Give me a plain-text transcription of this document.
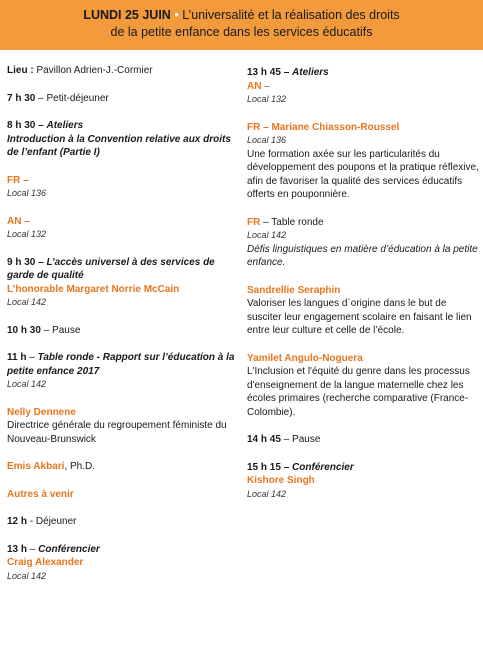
LUNDI 25 JUIN • L’universalité et la réalisation des droits
de la petite enfance dans les services éducatifs
Lieu : Pavillon Adrien-J.-Cormier
7 h 30 – Petit-déjeuner
8 h 30 – Ateliers
Introduction à la Convention relative aux droits de l’enfant (Partie I)
FR –
Local 136
AN –
Local 132
9 h 30 – L’accès universel à des services de garde de qualité
L’honorable Margaret Norrie McCain
Local 142
10 h 30 – Pause
11 h – Table ronde - Rapport sur l’éducation à la petite enfance 2017
Local 142
Nelly Dennene
Directrice générale du regroupement féministe du Nouveau-Brunswick
Emis Akbari, Ph.D.
Autres à venir
12 h - Déjeuner
13 h – Conférencier
Craig Alexander
Local 142
13 h 45 – Ateliers
AN –
Local 132
FR – Mariane Chiasson-Roussel
Local 136
Une formation axée sur les particularités du développement des poupons et la pratique réflexive, afin de favoriser la qualité des services éducatifs offerts en pouponnière.
FR – Table ronde
Local 142
Défis linguistiques en matière d’éducation à la petite enfance.
Sandrellie Seraphin
Valoriser les langues d`origine dans le but de susciter leur engagement scolaire en faisant le lien entre leur culture et celle de l’école.
Yamilet Angulo-Noguera
L'Inclusion et l'équité du genre dans les processus d'enseignement de la langue maternelle chez les écoles primaires (recherche comparative (France-Colombie).
14 h 45 – Pause
15 h 15 – Conférencier
Kishore Singh
Local 142
